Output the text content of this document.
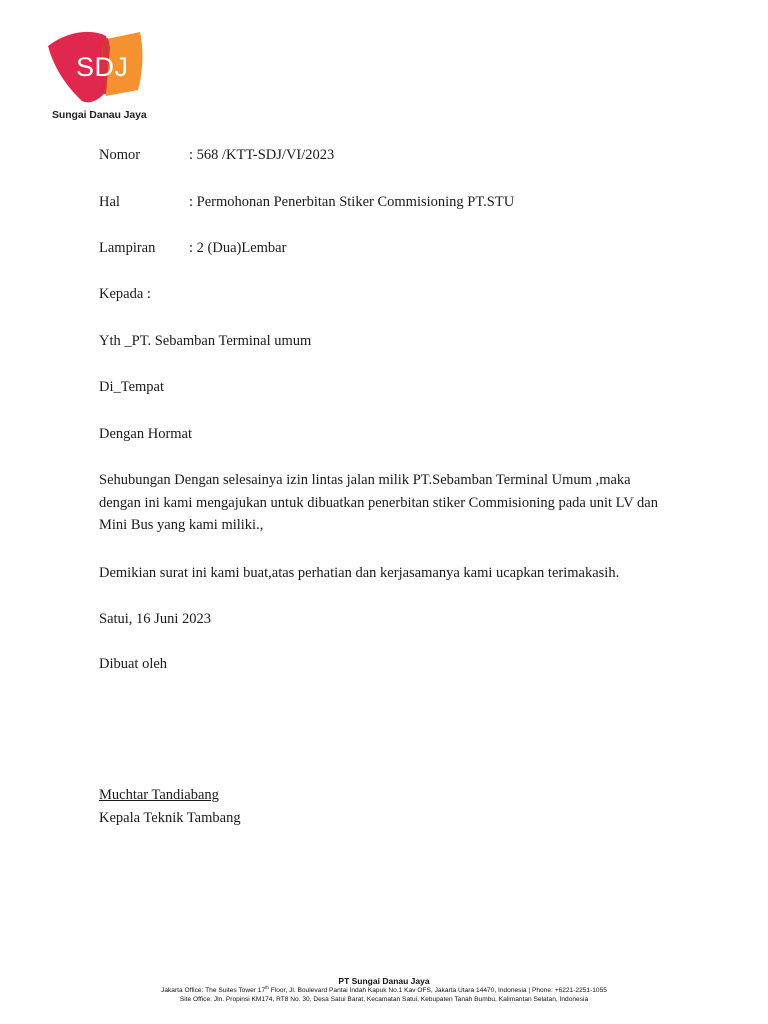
SDJ
Sungai Danau Jaya
Nomor	: 568 /KTT-SDJ/VI/2023
Hal	: Permohonan Penerbitan Stiker Commisioning PT.STU
Lampiran : 2 (Dua)Lembar
Kepada :
Yth _PT. Sebamban Terminal umum
Di_Tempat
Dengan Hormat
Sehubungan Dengan selesainya izin lintas jalan milik PT.Sebamban Terminal Umum ,maka
dengan ini kami mengajukan untuk dibuatkan penerbitan stiker Commisioning pada unit LV dan
Mini Bus yang kami miliki.,
Demikian surat ini kami buat,atas perhatian dan kerjasamanya kami ucapkan terimakasih.
Satui, 16 Juni 2023
Dibuat oleh
Muchtar Tandiabang
Kepala Teknik Tambang
PT Sungai Danau Jaya
Jakarta Office: The Suites Tower 17th Floor, Jl. Boulevard Pantai Indah Kapuk No.1 Kav OFS, Jakarta Utara 14470, Indonesia | Phone: +6221-2251-1055
Site Office: Jln. Propinsi KM174, RT8 No. 30, Desa Satui Barat, Kecamatan Satui, Kebupaten Tanah Bumbu, Kalimantan Selatan, Indonesia
